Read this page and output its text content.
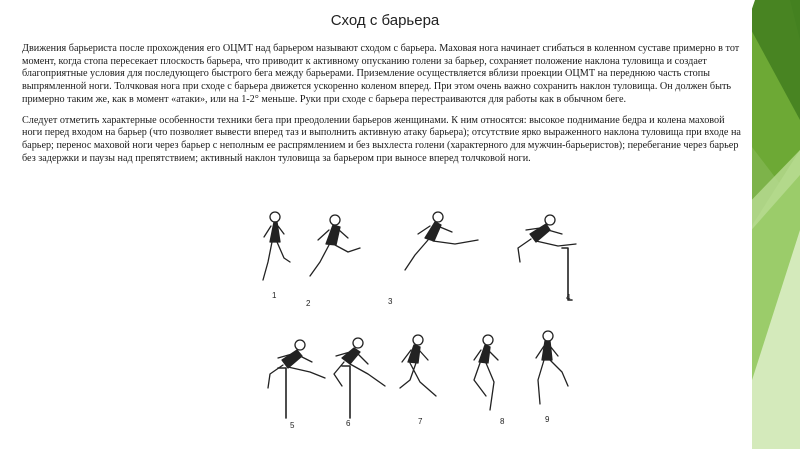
Сход с барьера

Движения барьериста после прохождения его ОЦМТ над барьером называют сходом с барьера. Маховая нога начинает сгибаться в коленном суставе примерно в тот момент, когда стопа пересекает плоскость барьера, что приводит к активному опусканию голени за барьер, сохраняет положение наклона туловища и создает благоприятные условия для последующего быстрого бега между барьерами. Приземление осуществляется вблизи проекции ОЦМТ на переднюю часть стопы выпрямленной ноги. Толчковая нога при сходе с барьера движется ускоренно коленом вперед. При этом очень важно сохранить наклон туловища. Он должен быть примерно таким же, как в момент «атаки», или на 1-2° меньше. Руки при сходе с барьера перестраиваются для работы как в обычном беге.

Следует отметить характерные особенности техники бега при преодолении барьеров женщинами. К ним относятся: высокое поднимание бедра и колена маховой ноги перед входом на барьер (что позволяет вывести вперед таз и выполнить активную атаку барьера); отсутствие ярко выраженного наклона туловища при входе на барьер; перенос маховой ноги через барьер с неполным ее распрямлением и без выхлеста голени (характерного для мужчин-барьеристов); перебегание через барьер без задержки и паузы над препятствием; активный наклон туловища за барьером при выносе вперед толчковой ноги.

1
2	3	4
5	6	7	8	9
